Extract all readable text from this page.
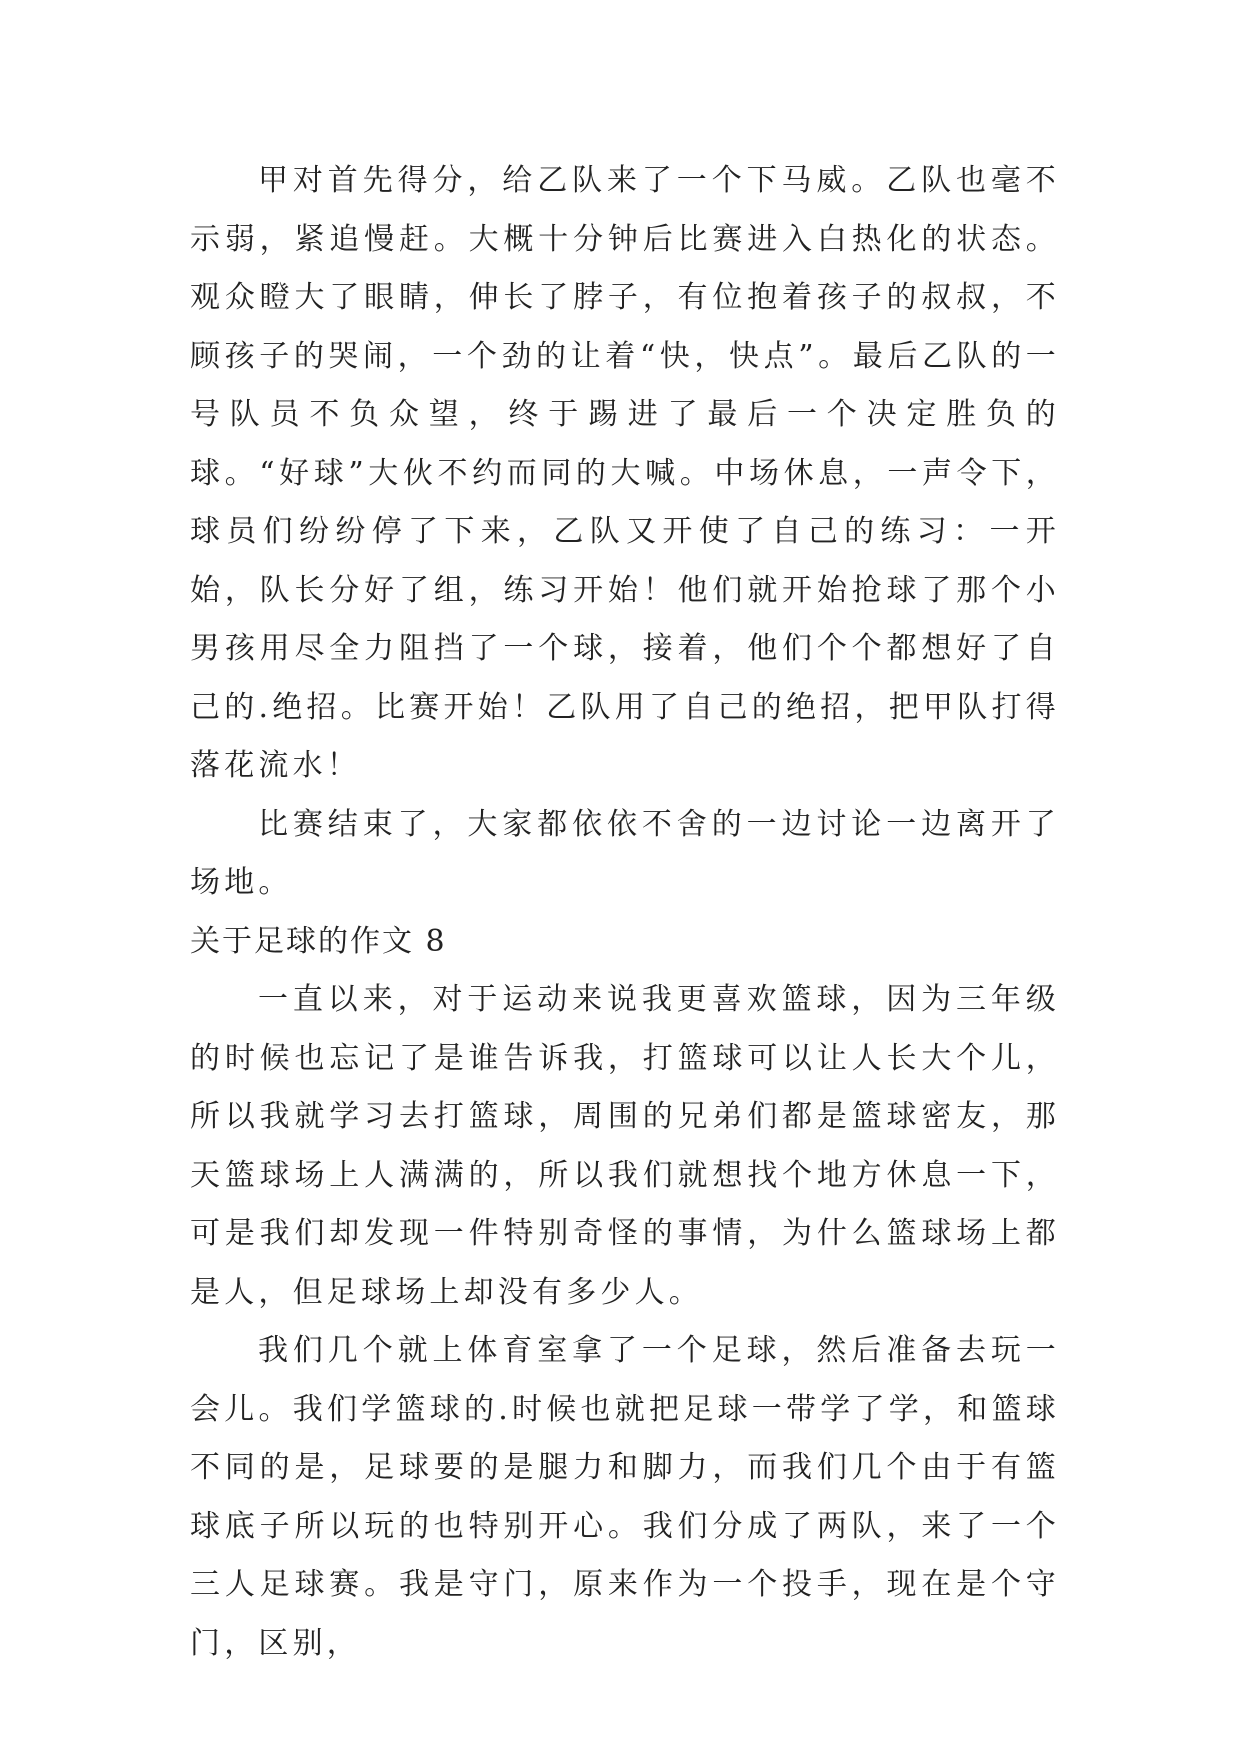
甲对首先得分，给乙队来了一个下马威。乙队也毫不示弱，紧追慢赶。大概十分钟后比赛进入白热化的状态。观众瞪大了眼睛，伸长了脖子，有位抱着孩子的叔叔，不顾孩子的哭闹，一个劲的让着“快，快点”。最后乙队的一号队员不负众望，终于踢进了最后一个决定胜负的球。“好球”大伙不约而同的大喊。中场休息，一声令下，球员们纷纷停了下来，乙队又开使了自己的练习：一开始，队长分好了组，练习开始！他们就开始抢球了那个小男孩用尽全力阻挡了一个球，接着，他们个个都想好了自己的.绝招。比赛开始！乙队用了自己的绝招，把甲队打得落花流水！

比赛结束了，大家都依依不舍的一边讨论一边离开了场地。

关于足球的作文 8

一直以来，对于运动来说我更喜欢篮球，因为三年级的时候也忘记了是谁告诉我，打篮球可以让人长大个儿，所以我就学习去打篮球，周围的兄弟们都是篮球密友，那天篮球场上人满满的，所以我们就想找个地方休息一下，可是我们却发现一件特别奇怪的事情，为什么篮球场上都是人，但足球场上却没有多少人。

我们几个就上体育室拿了一个足球，然后准备去玩一会儿。我们学篮球的.时候也就把足球一带学了学，和篮球不同的是，足球要的是腿力和脚力，而我们几个由于有篮球底子所以玩的也特别开心。我们分成了两队，来了一个三人足球赛。我是守门，原来作为一个投手，现在是个守门，区别，
